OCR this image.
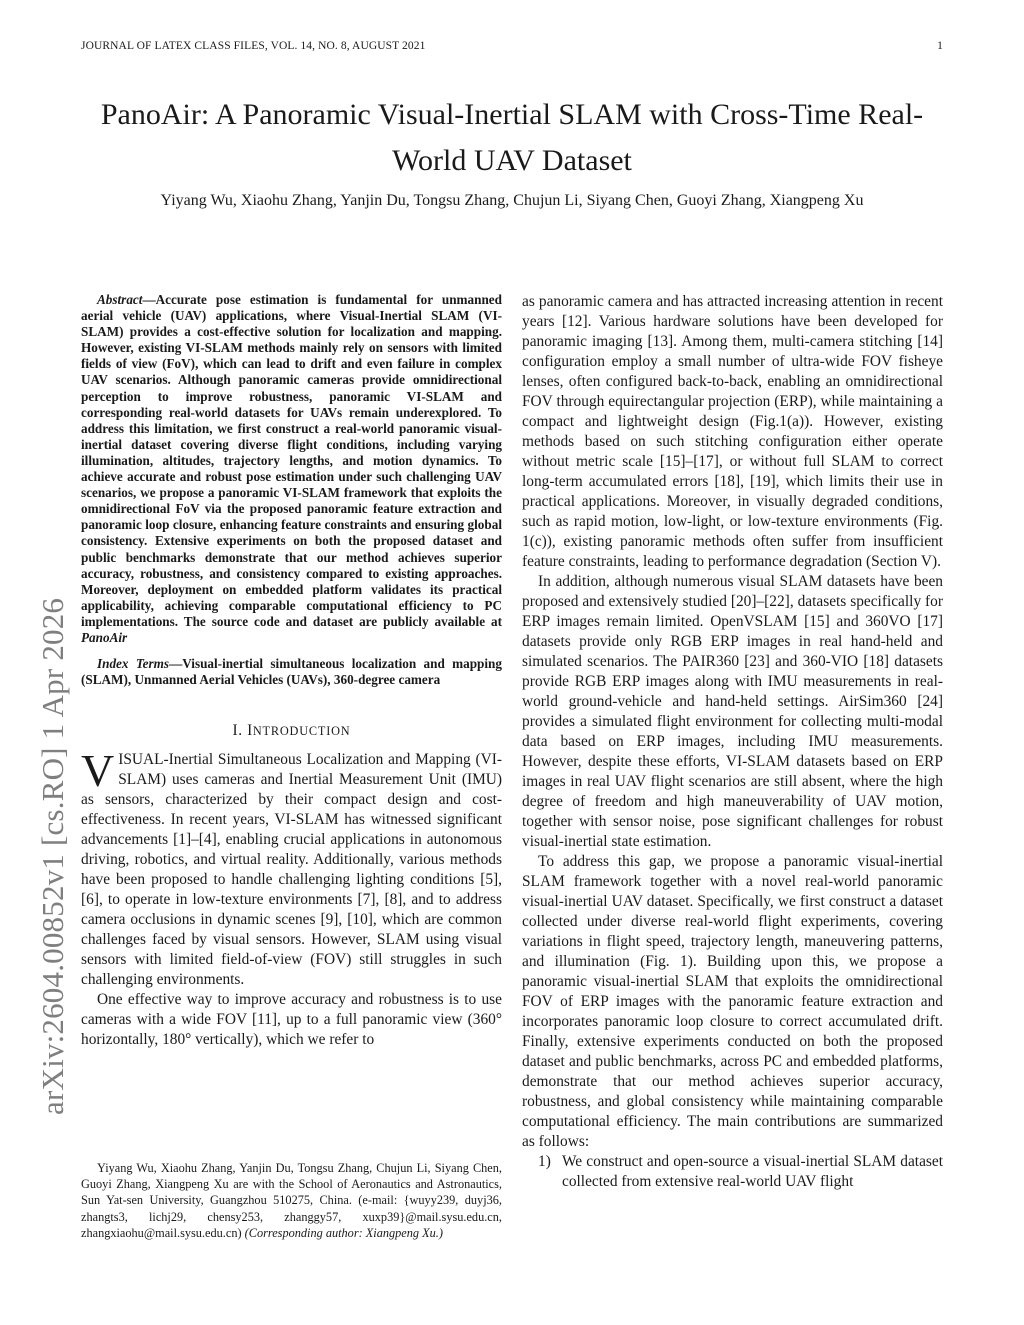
JOURNAL OF LATEX CLASS FILES, VOL. 14, NO. 8, AUGUST 2021	1
PanoAir: A Panoramic Visual-Inertial SLAM with Cross-Time Real-World UAV Dataset
Yiyang Wu, Xiaohu Zhang, Yanjin Du, Tongsu Zhang, Chujun Li, Siyang Chen, Guoyi Zhang, Xiangpeng Xu
arXiv:2604.00852v1 [cs.RO] 1 Apr 2026

Abstract—Accurate pose estimation is fundamental for unmanned aerial vehicle (UAV) applications, where Visual-Inertial SLAM (VI-SLAM) provides a cost-effective solution for localization and mapping. However, existing VI-SLAM methods mainly rely on sensors with limited fields of view (FoV), which can lead to drift and even failure in complex UAV scenarios. Although panoramic cameras provide omnidirectional perception to improve robustness, panoramic VI-SLAM and corresponding real-world datasets for UAVs remain underexplored. To address this limitation, we first construct a real-world panoramic visual-inertial dataset covering diverse flight conditions, including varying illumination, altitudes, trajectory lengths, and motion dynamics. To achieve accurate and robust pose estimation under such challenging UAV scenarios, we propose a panoramic VI-SLAM framework that exploits the omnidirectional FoV via the proposed panoramic feature extraction and panoramic loop closure, enhancing feature constraints and ensuring global consistency. Extensive experiments on both the proposed dataset and public benchmarks demonstrate that our method achieves superior accuracy, robustness, and consistency compared to existing approaches. Moreover, deployment on embedded platform validates its practical applicability, achieving comparable computational efficiency to PC implementations. The source code and dataset are publicly available at PanoAir

Index Terms—Visual-inertial simultaneous localization and mapping (SLAM), Unmanned Aerial Vehicles (UAVs), 360-degree camera

I. INTRODUCTION

VISUAL-Inertial Simultaneous Localization and Mapping (VI-SLAM) uses cameras and Inertial Measurement Unit (IMU) as sensors, characterized by their compact design and cost-effectiveness. In recent years, VI-SLAM has witnessed significant advancements [1]–[4], enabling crucial applications in autonomous driving, robotics, and virtual reality. Additionally, various methods have been proposed to handle challenging lighting conditions [5], [6], to operate in low-texture environments [7], [8], and to address camera occlusions in dynamic scenes [9], [10], which are common challenges faced by visual sensors. However, SLAM using visual sensors with limited field-of-view (FOV) still struggles in such challenging environments.

One effective way to improve accuracy and robustness is to use cameras with a wide FOV [11], up to a full panoramic view (360° horizontally, 180° vertically), which we refer to

Yiyang Wu, Xiaohu Zhang, Yanjin Du, Tongsu Zhang, Chujun Li, Siyang Chen, Guoyi Zhang, Xiangpeng Xu are with the School of Aeronautics and Astronautics, Sun Yat-sen University, Guangzhou 510275, China. (e-mail: {wuyy239, duyj36, zhangts3, lichj29, chensy253, zhanggy57, xuxp39}@mail.sysu.edu.cn, zhangxiaohu@mail.sysu.edu.cn) (Corresponding author: Xiangpeng Xu.)

as panoramic camera and has attracted increasing attention in recent years [12]. Various hardware solutions have been developed for panoramic imaging [13]. Among them, multi-camera stitching [14] configuration employ a small number of ultra-wide FOV fisheye lenses, often configured back-to-back, enabling an omnidirectional FOV through equirectangular projection (ERP), while maintaining a compact and lightweight design (Fig.1(a)). However, existing methods based on such stitching configuration either operate without metric scale [15]–[17], or without full SLAM to correct long-term accumulated errors [18], [19], which limits their use in practical applications. Moreover, in visually degraded conditions, such as rapid motion, low-light, or low-texture environments (Fig. 1(c)), existing panoramic methods often suffer from insufficient feature constraints, leading to performance degradation (Section V).

In addition, although numerous visual SLAM datasets have been proposed and extensively studied [20]–[22], datasets specifically for ERP images remain limited. OpenVSLAM [15] and 360VO [17] datasets provide only RGB ERP images in real hand-held and simulated scenarios. The PAIR360 [23] and 360-VIO [18] datasets provide RGB ERP images along with IMU measurements in real-world ground-vehicle and hand-held settings. AirSim360 [24] provides a simulated flight environment for collecting multi-modal data based on ERP images, including IMU measurements. However, despite these efforts, VI-SLAM datasets based on ERP images in real UAV flight scenarios are still absent, where the high degree of freedom and high maneuverability of UAV motion, together with sensor noise, pose significant challenges for robust visual-inertial state estimation.

To address this gap, we propose a panoramic visual-inertial SLAM framework together with a novel real-world panoramic visual-inertial UAV dataset. Specifically, we first construct a dataset collected under diverse real-world flight experiments, covering variations in flight speed, trajectory length, maneuvering patterns, and illumination (Fig. 1). Building upon this, we propose a panoramic visual-inertial SLAM that exploits the omnidirectional FOV of ERP images with the panoramic feature extraction and incorporates panoramic loop closure to correct accumulated drift. Finally, extensive experiments conducted on both the proposed dataset and public benchmarks, across PC and embedded platforms, demonstrate that our method achieves superior accuracy, robustness, and global consistency while maintaining comparable computational efficiency. The main contributions are summarized as follows:

1) We construct and open-source a visual-inertial SLAM dataset collected from extensive real-world UAV flight
